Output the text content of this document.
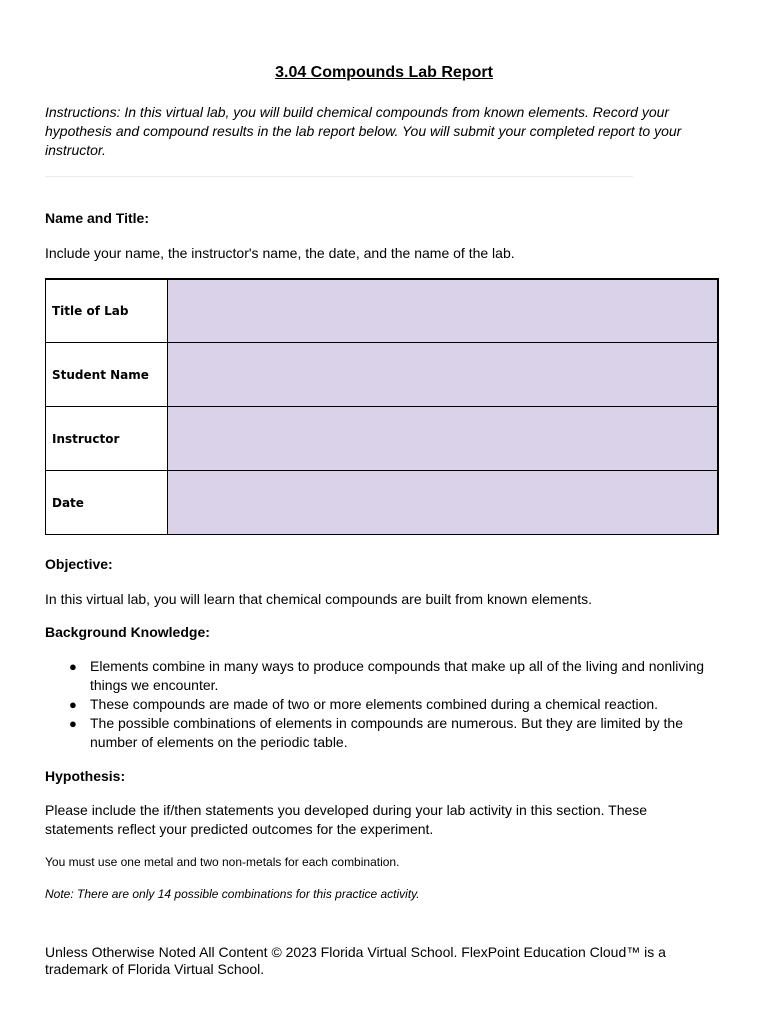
3.04 Compounds Lab Report
Instructions: In this virtual lab, you will build chemical compounds from known elements. Record your hypothesis and compound results in the lab report below. You will submit your completed report to your instructor.
Name and Title:
Include your name, the instructor's name, the date, and the name of the lab.
Title of Lab	
Student Name	
Instructor	
Date	
Objective:
In this virtual lab, you will learn that chemical compounds are built from known elements.
Background Knowledge:
● Elements combine in many ways to produce compounds that make up all of the living and nonliving things we encounter.
● These compounds are made of two or more elements combined during a chemical reaction.
● The possible combinations of elements in compounds are numerous. But they are limited by the number of elements on the periodic table.
Hypothesis:
Please include the if/then statements you developed during your lab activity in this section. These statements reflect your predicted outcomes for the experiment.
You must use one metal and two non-metals for each combination.
Note: There are only 14 possible combinations for this practice activity.
Unless Otherwise Noted All Content © 2023 Florida Virtual School. FlexPoint Education Cloud™ is a trademark of Florida Virtual School.
